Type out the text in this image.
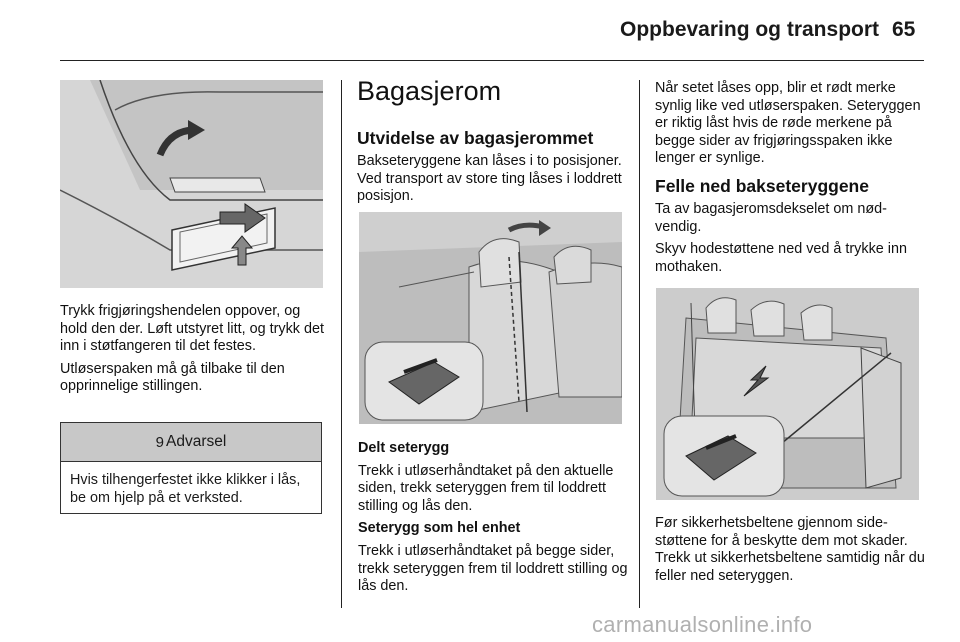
Oppbevaring og transport 65

Trykk frigjøringshendelen oppover, og hold den der. Løft utstyret litt, og trykk det inn i støtfangeren til det festes.

Utløserspaken må gå tilbake til den opprinnelige stillingen.

9 Advarsel
Hvis tilhengerfestet ikke klikker i lås, be om hjelp på et verksted.
Bagasjerom

Utvidelse av bagasjerommet

Bakseteryggene kan låses i to posisjoner. Ved transport av store ting låses i loddrett posisjon.

Delt seterygg

Trekk i utløserhåndtaket på den aktuelle siden, trekk seteryggen frem til loddrett stilling og lås den.

Seterygg som hel enhet

Trekk i utløserhåndtaket på begge sider, trekk seteryggen frem til loddrett stilling og lås den.

Når setet låses opp, blir et rødt merke synlig like ved utløserspaken. Seteryggen er riktig låst hvis de røde merkene på begge sider av frigjøringsspaken ikke lenger er synlige.

Felle ned bakseteryggene

Ta av bagasjeromsdekselet om nødvendig.

Skyv hodestøttene ned ved å trykke inn mothaken.

Før sikkerhetsbeltene gjennom sidestøttene for å beskytte dem mot skader. Trekk ut sikkerhetsbeltene samtidig når du feller ned seteryggen.

carmanualsonline.info
